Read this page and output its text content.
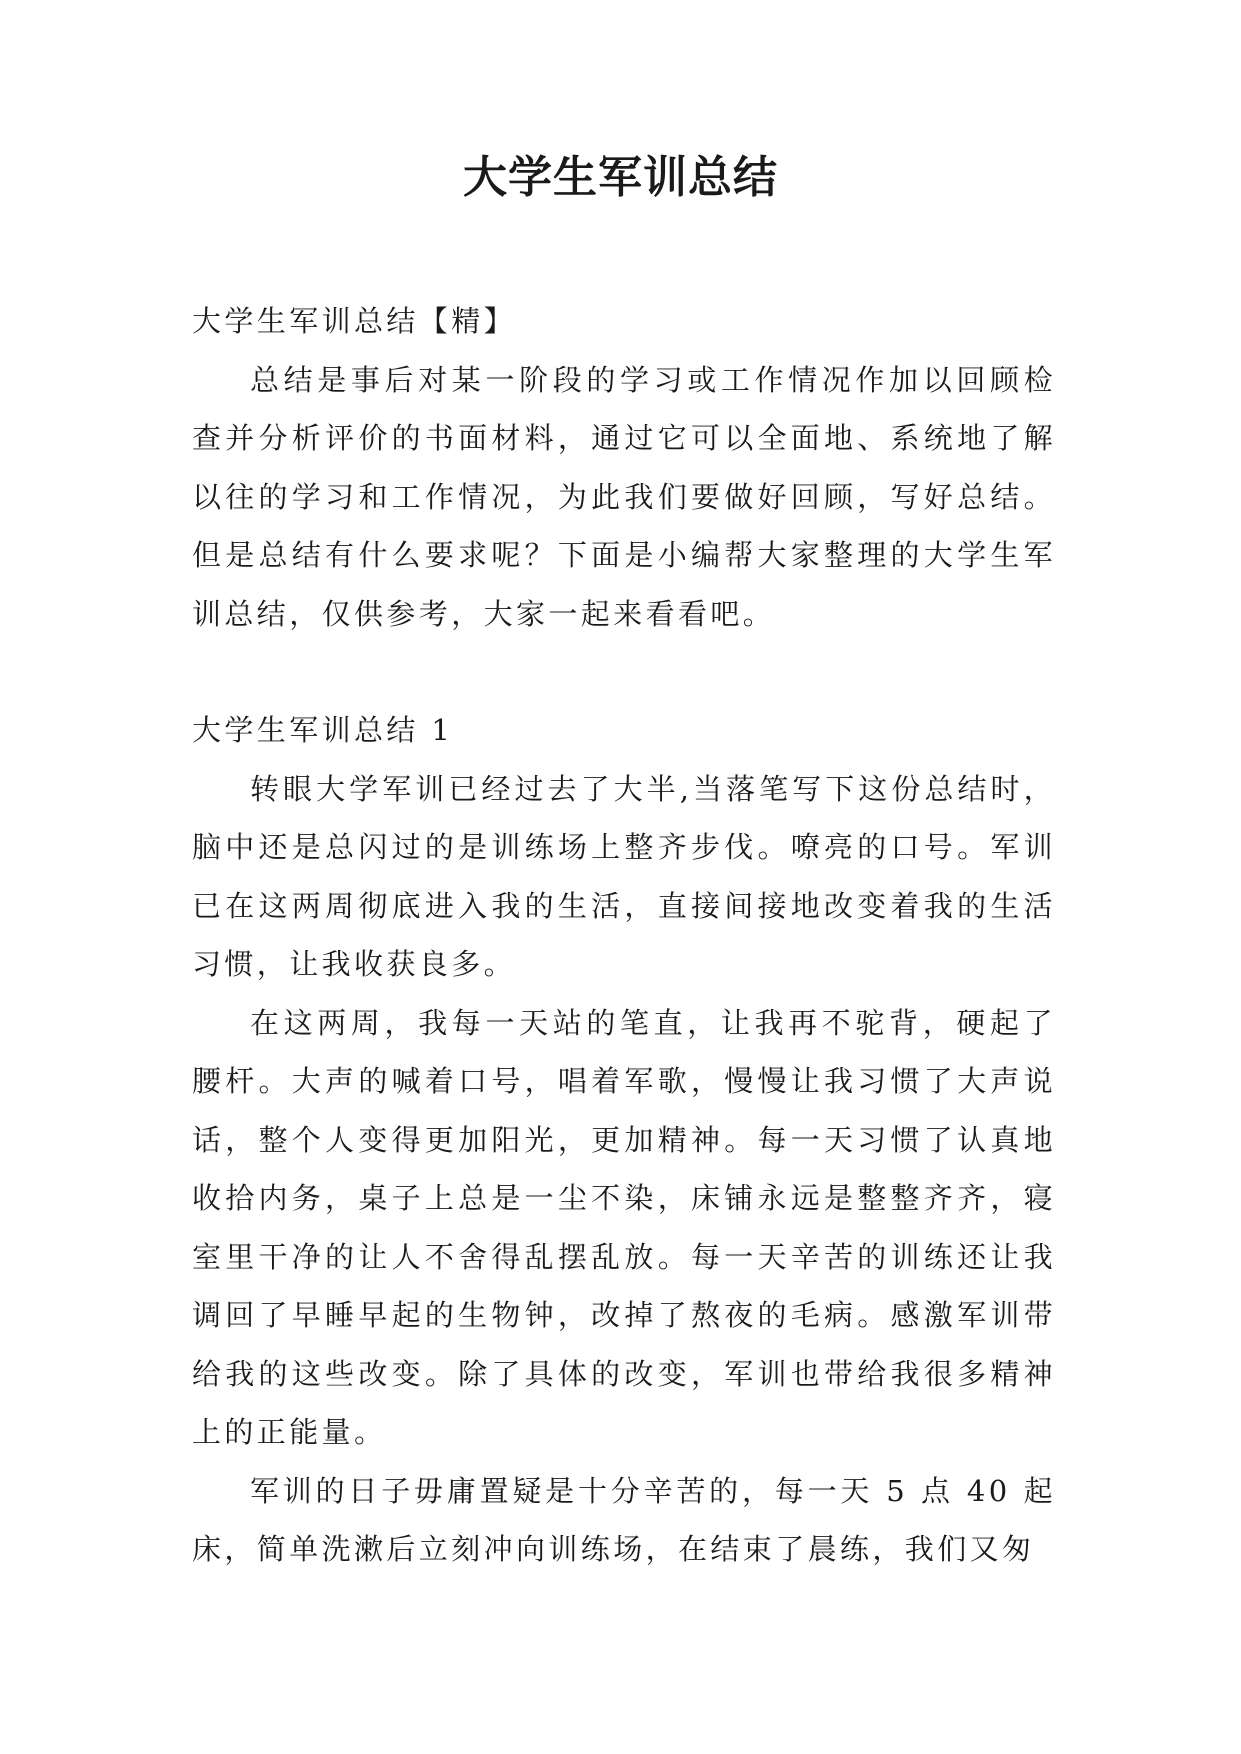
大学生军训总结

大学生军训总结【精】

总结是事后对某一阶段的学习或工作情况作加以回顾检查并分析评价的书面材料，通过它可以全面地、系统地了解以往的学习和工作情况，为此我们要做好回顾，写好总结。但是总结有什么要求呢？下面是小编帮大家整理的大学生军训总结，仅供参考，大家一起来看看吧。

大学生军训总结 1

转眼大学军训已经过去了大半,当落笔写下这份总结时，脑中还是总闪过的是训练场上整齐步伐。嘹亮的口号。军训已在这两周彻底进入我的生活，直接间接地改变着我的生活习惯，让我收获良多。

在这两周，我每一天站的笔直，让我再不驼背，硬起了腰杆。大声的喊着口号，唱着军歌，慢慢让我习惯了大声说话，整个人变得更加阳光，更加精神。每一天习惯了认真地收拾内务，桌子上总是一尘不染，床铺永远是整整齐齐，寝室里干净的让人不舍得乱摆乱放。每一天辛苦的训练还让我调回了早睡早起的生物钟，改掉了熬夜的毛病。感激军训带给我的这些改变。除了具体的改变，军训也带给我很多精神上的正能量。

军训的日子毋庸置疑是十分辛苦的，每一天 5 点 40 起床，简单洗漱后立刻冲向训练场，在结束了晨练，我们又匆
